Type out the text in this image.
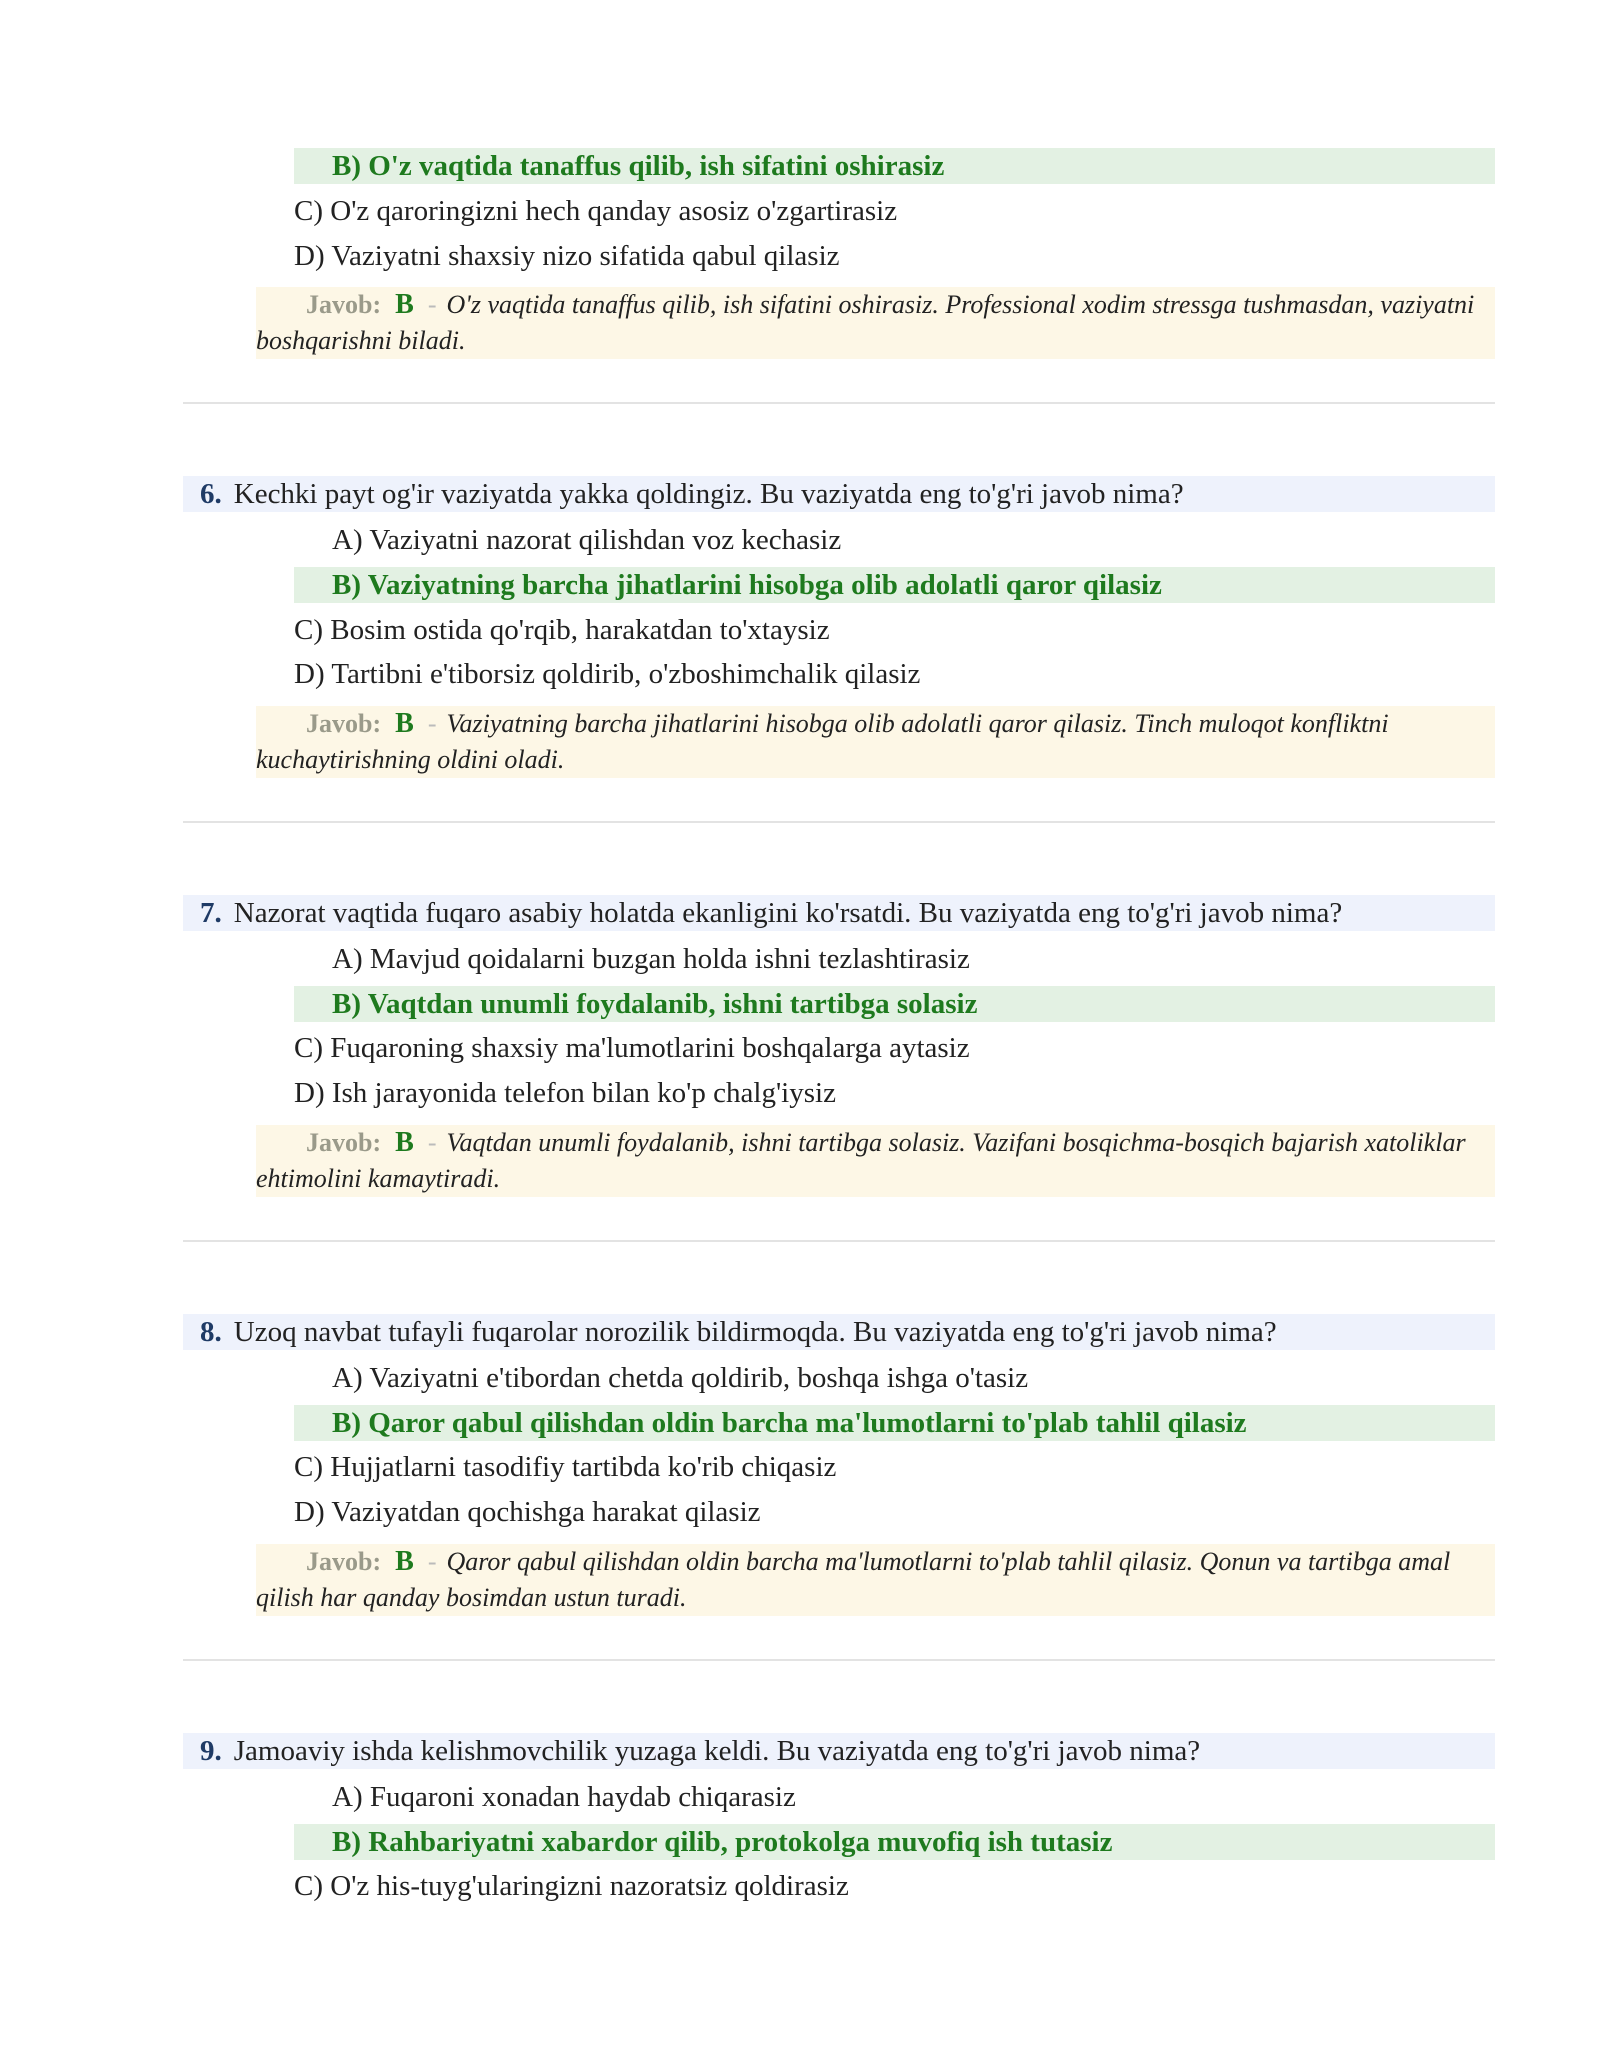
B) O'z vaqtida tanaffus qilib, ish sifatini oshirasiz
C) O'z qaroringizni hech qanday asosiz o'zgartirasiz
D) Vaziyatni shaxsiy nizo sifatida qabul qilasiz
Javob: B - O'z vaqtida tanaffus qilib, ish sifatini oshirasiz. Professional xodim stressga tushmasdan, vaziyatni boshqarishni biladi.
6. Kechki payt og'ir vaziyatda yakka qoldingiz. Bu vaziyatda eng to'g'ri javob nima?
A) Vaziyatni nazorat qilishdan voz kechasiz
B) Vaziyatning barcha jihatlarini hisobga olib adolatli qaror qilasiz
C) Bosim ostida qo'rqib, harakatdan to'xtaysiz
D) Tartibni e'tiborsiz qoldirib, o'zboshimchalik qilasiz
Javob: B - Vaziyatning barcha jihatlarini hisobga olib adolatli qaror qilasiz. Tinch muloqot konfliktni kuchaytirishning oldini oladi.
7. Nazorat vaqtida fuqaro asabiy holatda ekanligini ko'rsatdi. Bu vaziyatda eng to'g'ri javob nima?
A) Mavjud qoidalarni buzgan holda ishni tezlashtirasiz
B) Vaqtdan unumli foydalanib, ishni tartibga solasiz
C) Fuqaroning shaxsiy ma'lumotlarini boshqalarga aytasiz
D) Ish jarayonida telefon bilan ko'p chalg'iysiz
Javob: B - Vaqtdan unumli foydalanib, ishni tartibga solasiz. Vazifani bosqichma-bosqich bajarish xatoliklar ehtimolini kamaytiradi.
8. Uzoq navbat tufayli fuqarolar norozilik bildirmoqda. Bu vaziyatda eng to'g'ri javob nima?
A) Vaziyatni e'tibordan chetda qoldirib, boshqa ishga o'tasiz
B) Qaror qabul qilishdan oldin barcha ma'lumotlarni to'plab tahlil qilasiz
C) Hujjatlarni tasodifiy tartibda ko'rib chiqasiz
D) Vaziyatdan qochishga harakat qilasiz
Javob: B - Qaror qabul qilishdan oldin barcha ma'lumotlarni to'plab tahlil qilasiz. Qonun va tartibga amal qilish har qanday bosimdan ustun turadi.
9. Jamoaviy ishda kelishmovchilik yuzaga keldi. Bu vaziyatda eng to'g'ri javob nima?
A) Fuqaroni xonadan haydab chiqarasiz
B) Rahbariyatni xabardor qilib, protokolga muvofiq ish tutasiz
C) O'z his-tuyg'ularingizni nazoratsiz qoldirasiz
